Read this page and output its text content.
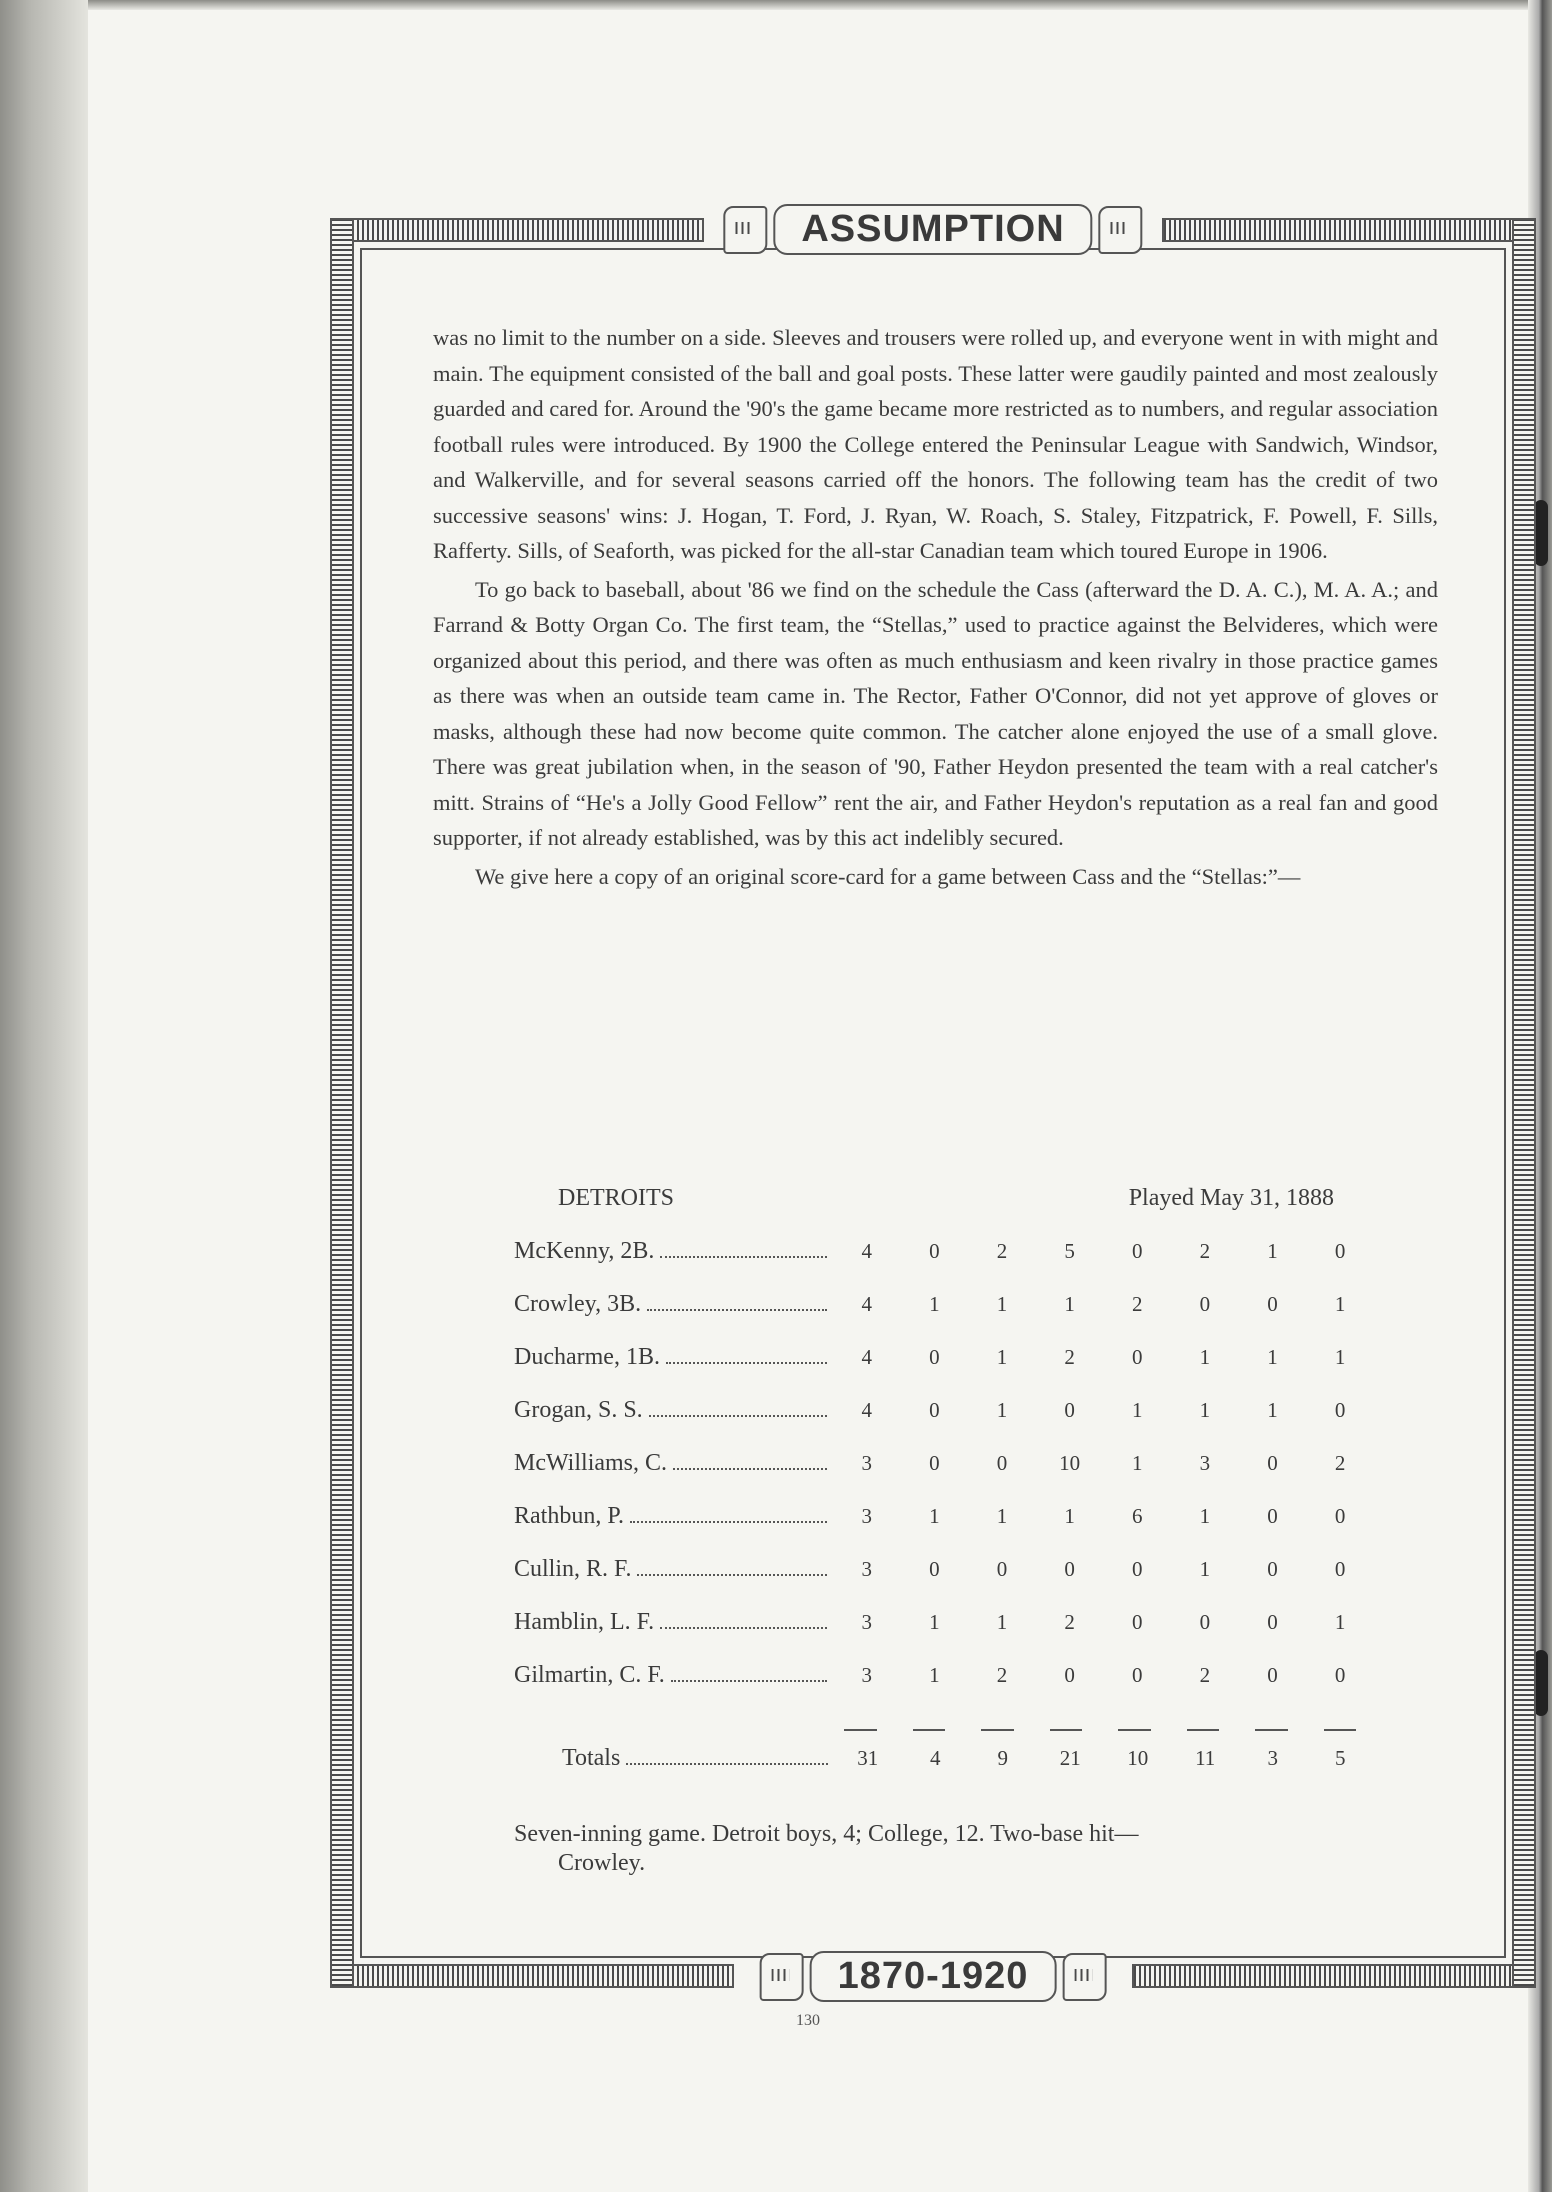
ASSUMPTION
1870-1920

was no limit to the number on a side. Sleeves and trousers were rolled up, and everyone went in with might and main. The equipment consisted of the ball and goal posts. These latter were gaudily painted and most zealously guarded and cared for. Around the '90's the game became more restricted as to numbers, and regular association football rules were introduced. By 1900 the College entered the Peninsular League with Sandwich, Windsor, and Walkerville, and for several seasons carried off the honors. The following team has the credit of two successive seasons' wins: J. Hogan, T. Ford, J. Ryan, W. Roach, S. Staley, Fitzpatrick, F. Powell, F. Sills, Rafferty. Sills, of Seaforth, was picked for the all-star Canadian team which toured Europe in 1906.

To go back to baseball, about '86 we find on the schedule the Cass (afterward the D. A. C.), M. A. A.; and Farrand & Botty Organ Co. The first team, the “Stellas,” used to practice against the Belvideres, which were organized about this period, and there was often as much enthusiasm and keen rivalry in those practice games as there was when an outside team came in. The Rector, Father O'Connor, did not yet approve of gloves or masks, although these had now become quite common. The catcher alone enjoyed the use of a small glove. There was great jubilation when, in the season of '90, Father Heydon presented the team with a real catcher's mitt. Strains of “He's a Jolly Good Fellow” rent the air, and Father Heydon's reputation as a real fan and good supporter, if not already established, was by this act indelibly secured.

We give here a copy of an original score-card for a game between Cass and the “Stellas:”—

DETROITS	Played May 31, 1888
McKenny, 2B.	4	0	2	5	0	2	1	0
Crowley, 3B.	4	1	1	1	2	0	0	1
Ducharme, 1B.	4	0	1	2	0	1	1	1
Grogan, S. S.	4	0	1	0	1	1	1	0
McWilliams, C.	3	0	0	10	1	3	0	2
Rathbun, P.	3	1	1	1	6	1	0	0
Cullin, R. F.	3	0	0	0	0	1	0	0
Hamblin, L. F.	3	1	1	2	0	0	0	1
Gilmartin, C. F.	3	1	2	0	0	2	0	0
Totals	31	4	9	21	10	11	3	5
Seven-inning game. Detroit boys, 4; College, 12. Two-base hit—
Crowley.
130
